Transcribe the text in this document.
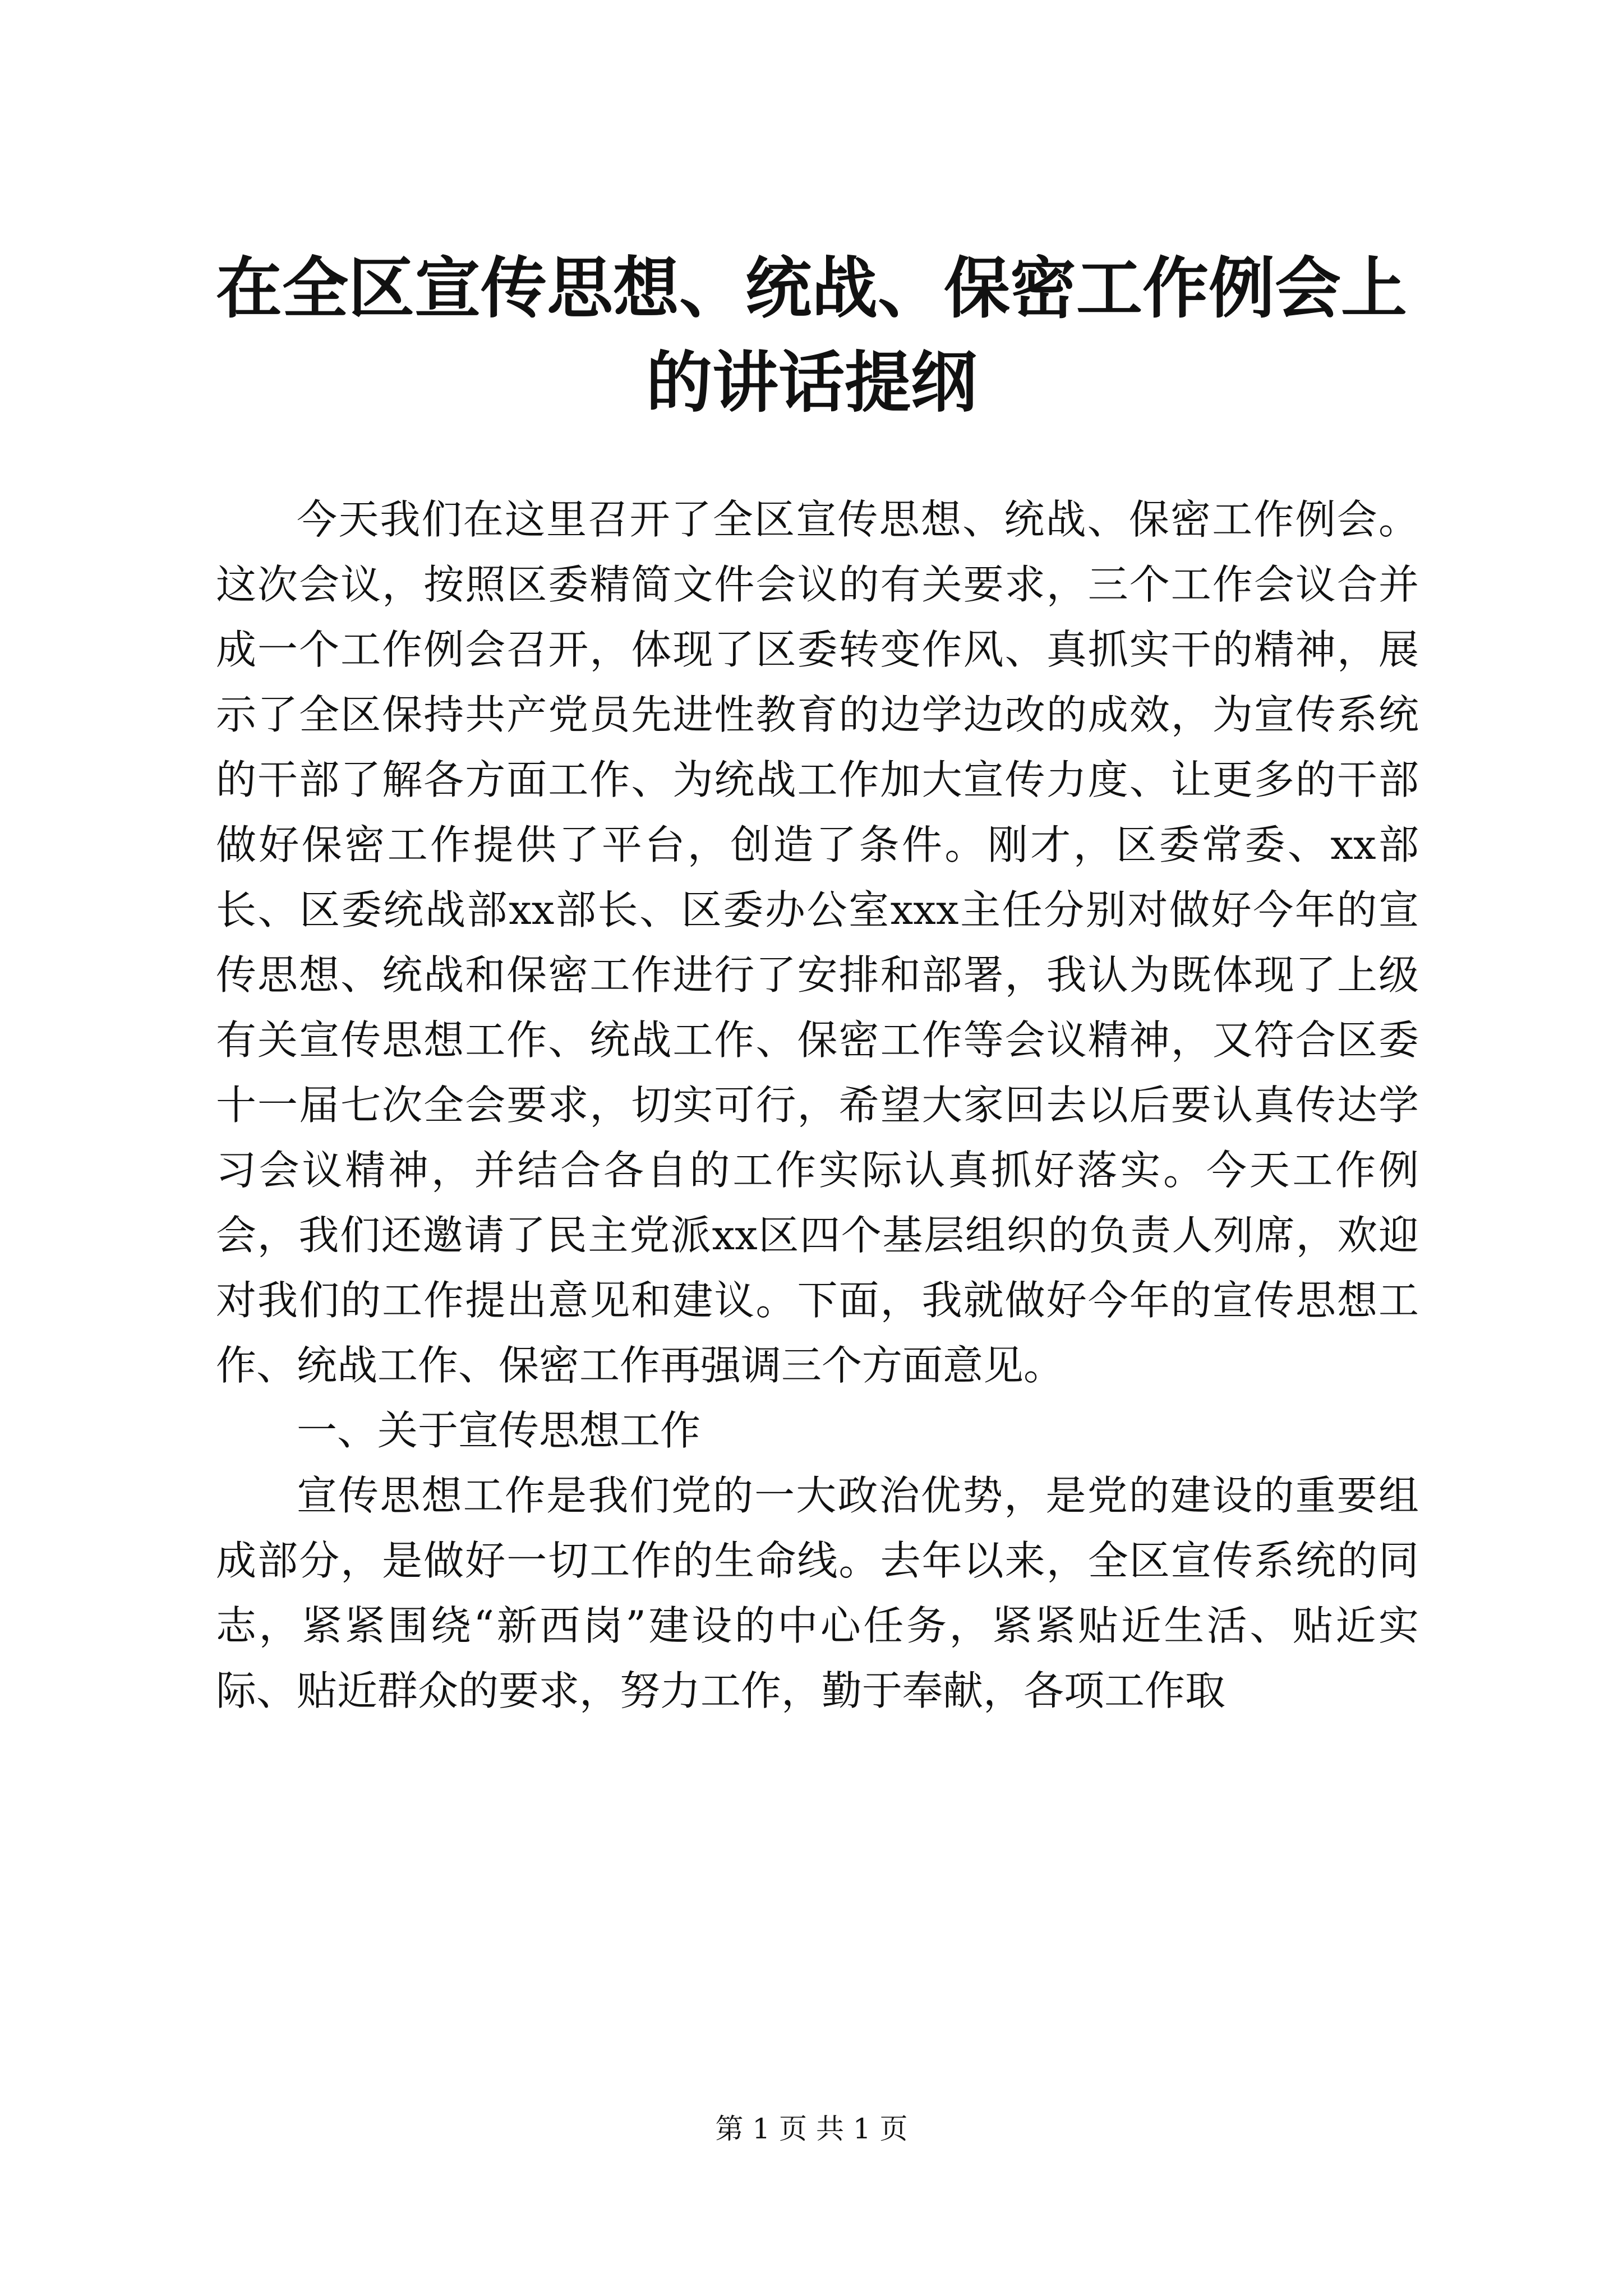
在全区宣传思想、统战、保密工作例会上的讲话提纲

今天我们在这里召开了全区宣传思想、统战、保密工作例会。这次会议，按照区委精简文件会议的有关要求，三个工作会议合并成一个工作例会召开，体现了区委转变作风、真抓实干的精神，展示了全区保持共产党员先进性教育的边学边改的成效，为宣传系统的干部了解各方面工作、为统战工作加大宣传力度、让更多的干部做好保密工作提供了平台，创造了条件。刚才，区委常委、xx部长、区委统战部xx部长、区委办公室xxx主任分别对做好今年的宣传思想、统战和保密工作进行了安排和部署，我认为既体现了上级有关宣传思想工作、统战工作、保密工作等会议精神，又符合区委十一届七次全会要求，切实可行，希望大家回去以后要认真传达学习会议精神，并结合各自的工作实际认真抓好落实。今天工作例会，我们还邀请了民主党派xx区四个基层组织的负责人列席，欢迎对我们的工作提出意见和建议。下面，我就做好今年的宣传思想工作、统战工作、保密工作再强调三个方面意见。

一、关于宣传思想工作

宣传思想工作是我们党的一大政治优势，是党的建设的重要组成部分，是做好一切工作的生命线。去年以来，全区宣传系统的同志，紧紧围绕“新西岗”建设的中心任务，紧紧贴近生活、贴近实际、贴近群众的要求，努力工作，勤于奉献，各项工作取

第 1 页 共 1 页
